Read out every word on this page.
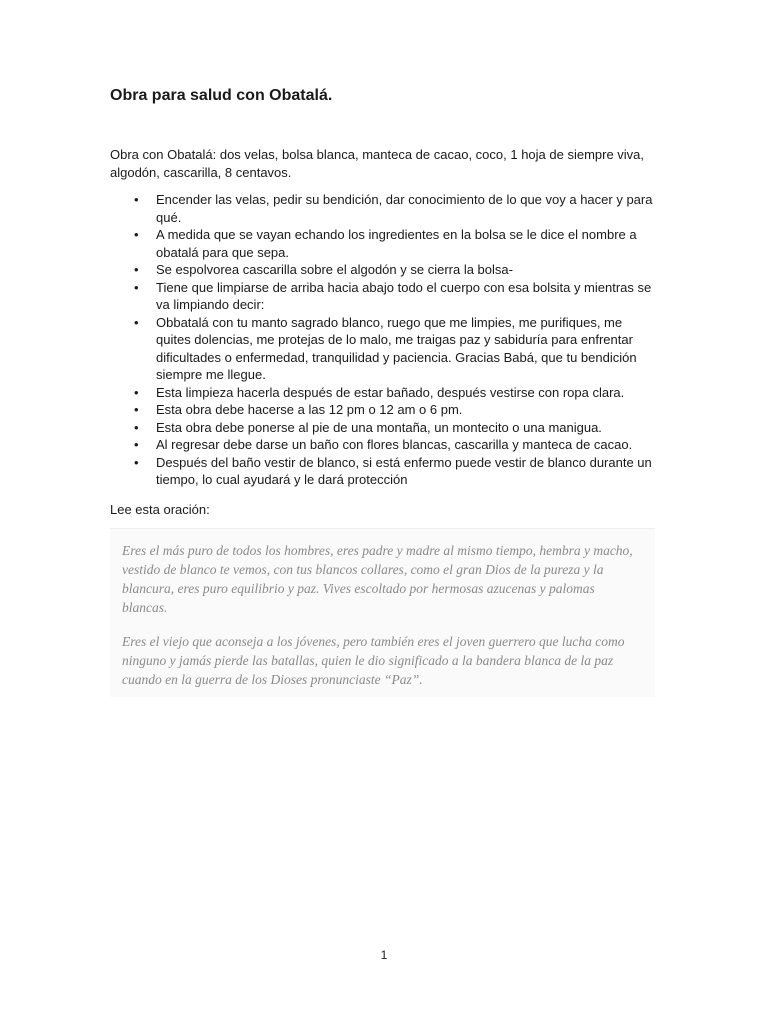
Obra para salud con Obatalá.

Obra con Obatalá: dos velas, bolsa blanca, manteca de cacao, coco, 1 hoja de siempre viva, algodón, cascarilla, 8 centavos.

• Encender las velas, pedir su bendición, dar conocimiento de lo que voy a hacer y para qué.
• A medida que se vayan echando los ingredientes en la bolsa se le dice el nombre a obatalá para que sepa.
• Se espolvorea cascarilla sobre el algodón y se cierra la bolsa-
• Tiene que limpiarse de arriba hacia abajo todo el cuerpo con esa bolsita y mientras se va limpiando decir:
• Obbatalá con tu manto sagrado blanco, ruego que me limpies, me purifiques, me quites dolencias, me protejas de lo malo, me traigas paz y sabiduría para enfrentar dificultades o enfermedad, tranquilidad y paciencia. Gracias Babá, que tu bendición siempre me llegue.
• Esta limpieza hacerla después de estar bañado, después vestirse con ropa clara.
• Esta obra debe hacerse a las 12 pm o 12 am o 6 pm.
• Esta obra debe ponerse al pie de una montaña, un montecito o una manigua.
• Al regresar debe darse un baño con flores blancas, cascarilla y manteca de cacao.
• Después del baño vestir de blanco, si está enfermo puede vestir de blanco durante un tiempo, lo cual ayudará y le dará protección

Lee esta oración:

Eres el más puro de todos los hombres, eres padre y madre al mismo tiempo, hembra y macho, vestido de blanco te vemos, con tus blancos collares, como el gran Dios de la pureza y la blancura, eres puro equilibrio y paz. Vives escoltado por hermosas azucenas y palomas blancas.

Eres el viejo que aconseja a los jóvenes, pero también eres el joven guerrero que lucha como ninguno y jamás pierde las batallas, quien le dio significado a la bandera blanca de la paz cuando en la guerra de los Dioses pronunciaste “Paz”.

1
